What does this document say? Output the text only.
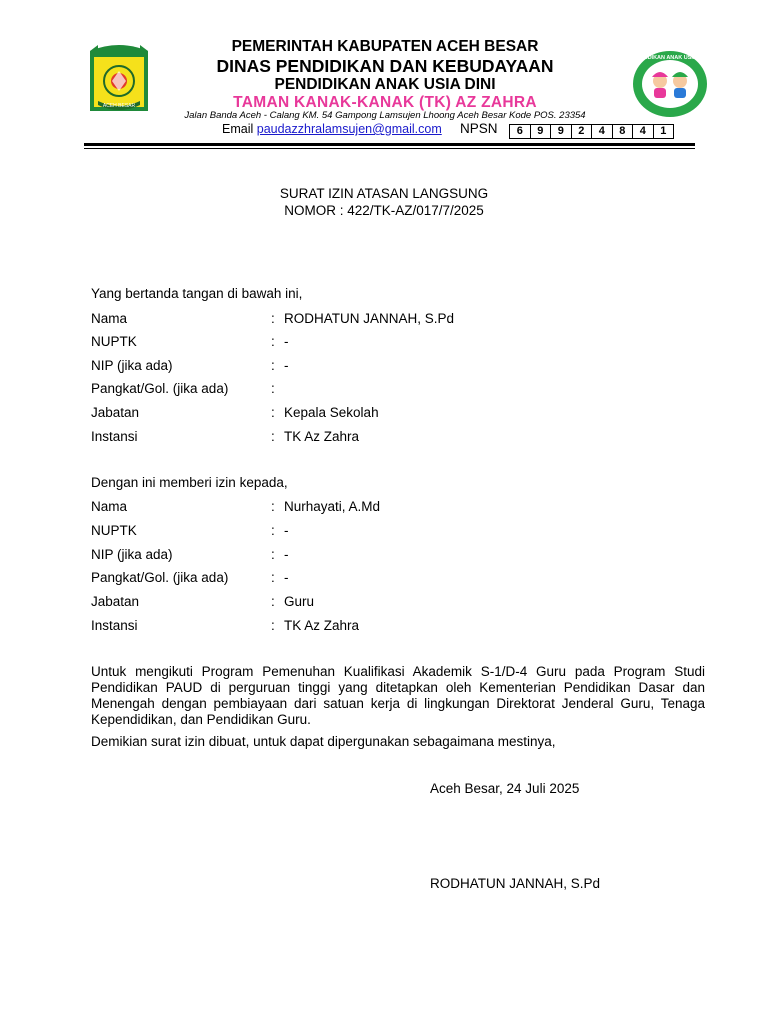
ACEH BESAR
PENDIDIKAN ANAK USIA DINI
PEMERINTAH KABUPATEN ACEH BESAR
DINAS PENDIDIKAN DAN KEBUDAYAAN
PENDIDIKAN ANAK USIA DINI
TAMAN KANAK-KANAK (TK) AZ ZAHRA
Jalan Banda Aceh - Calang KM. 54 Gampong Lamsujen Lhoong Aceh Besar Kode POS. 23354
Email paudazzhralamsujen@gmail.com NPSN	6	9	9	2	4	8	4	1
SURAT IZIN ATASAN LANGSUNG
NOMOR : 422/TK-AZ/017/7/2025
Yang bertanda tangan di bawah ini,
Nama	: RODHATUN JANNAH, S.Pd
NUPTK	: -
NIP (jika ada)	: -
Pangkat/Gol. (jika ada)	:
Jabatan	: Kepala Sekolah
Instansi	: TK Az Zahra
Dengan ini memberi izin kepada,
Nama	: Nurhayati, A.Md
NUPTK	: -
NIP (jika ada)	: -
Pangkat/Gol. (jika ada)	: -
Jabatan	: Guru
Instansi	: TK Az Zahra
Untuk mengikuti Program Pemenuhan Kualifikasi Akademik S-1/D-4 Guru pada Program Studi Pendidikan PAUD di perguruan tinggi yang ditetapkan oleh Kementerian Pendidikan Dasar dan Menengah dengan pembiayaan dari satuan kerja di lingkungan Direktorat Jenderal Guru, Tenaga Kependidikan, dan Pendidikan Guru.
Demikian surat izin dibuat, untuk dapat dipergunakan sebagaimana mestinya,
Aceh Besar, 24 Juli 2025
RODHATUN JANNAH, S.Pd
